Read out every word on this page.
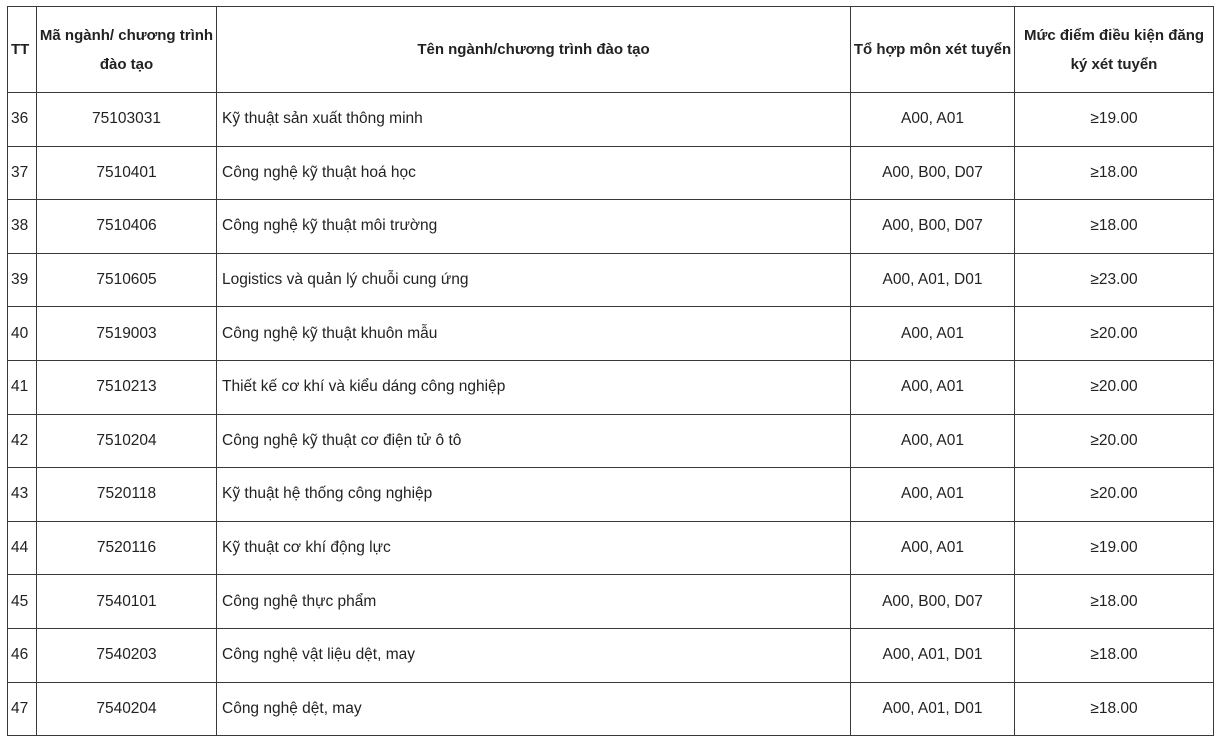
TT	Mã ngành/ chương trình đào tạo	Tên ngành/chương trình đào tạo	Tổ hợp môn xét tuyển	Mức điểm điều kiện đăng ký xét tuyển
36	75103031	Kỹ thuật sản xuất thông minh	A00, A01	≥19.00
37	7510401	Công nghệ kỹ thuật hoá học	A00, B00, D07	≥18.00
38	7510406	Công nghệ kỹ thuật môi trường	A00, B00, D07	≥18.00
39	7510605	Logistics và quản lý chuỗi cung ứng	A00, A01, D01	≥23.00
40	7519003	Công nghệ kỹ thuật khuôn mẫu	A00, A01	≥20.00
41	7510213	Thiết kế cơ khí và kiểu dáng công nghiệp	A00, A01	≥20.00
42	7510204	Công nghệ kỹ thuật cơ điện tử ô tô	A00, A01	≥20.00
43	7520118	Kỹ thuật hệ thống công nghiệp	A00, A01	≥20.00
44	7520116	Kỹ thuật cơ khí động lực	A00, A01	≥19.00
45	7540101	Công nghệ thực phẩm	A00, B00, D07	≥18.00
46	7540203	Công nghệ vật liệu dệt, may	A00, A01, D01	≥18.00
47	7540204	Công nghệ dệt, may	A00, A01, D01	≥18.00
